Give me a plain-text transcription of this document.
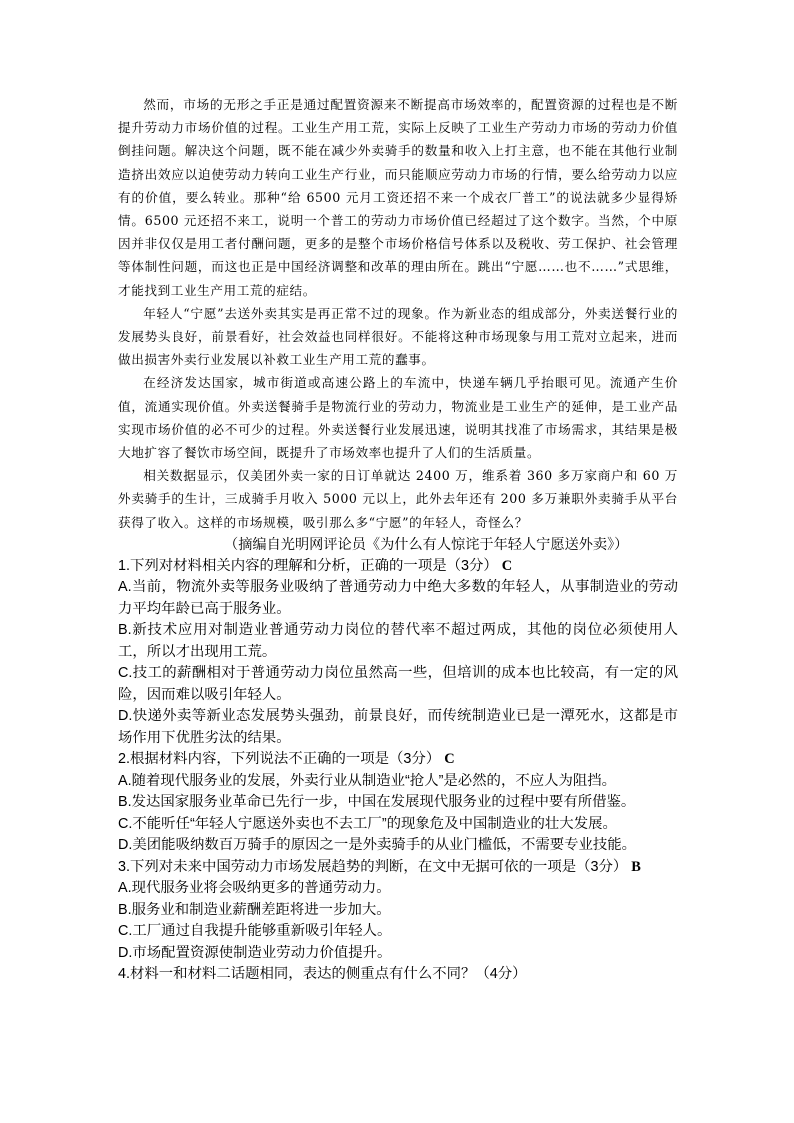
然而，市场的无形之手正是通过配置资源来不断提高市场效率的，配置资源的过程也是不断提升劳动力市场价值的过程。工业生产用工荒，实际上反映了工业生产劳动力市场的劳动力价值倒挂问题。解决这个问题，既不能在减少外卖骑手的数量和收入上打主意，也不能在其他行业制造挤出效应以迫使劳动力转向工业生产行业，而只能顺应劳动力市场的行情，要么给劳动力以应有的价值，要么转业。那种“给 6500 元月工资还招不来一个成衣厂普工”的说法就多少显得矫情。6500 元还招不来工，说明一个普工的劳动力市场价值已经超过了这个数字。当然，个中原因并非仅仅是用工者付酬问题，更多的是整个市场价格信号体系以及税收、劳工保护、社会管理等体制性问题，而这也正是中国经济调整和改革的理由所在。跳出“宁愿……也不……”式思维，才能找到工业生产用工荒的症结。

年轻人“宁愿”去送外卖其实是再正常不过的现象。作为新业态的组成部分，外卖送餐行业的发展势头良好，前景看好，社会效益也同样很好。不能将这种市场现象与用工荒对立起来，进而做出损害外卖行业发展以补救工业生产用工荒的蠢事。

在经济发达国家，城市街道或高速公路上的车流中，快递车辆几乎抬眼可见。流通产生价值，流通实现价值。外卖送餐骑手是物流行业的劳动力，物流业是工业生产的延伸，是工业产品实现市场价值的必不可少的过程。外卖送餐行业发展迅速，说明其找准了市场需求，其结果是极大地扩容了餐饮市场空间，既提升了市场效率也提升了人们的生活质量。

相关数据显示，仅美团外卖一家的日订单就达 2400 万，维系着 360 多万家商户和 60 万外卖骑手的生计，三成骑手月收入 5000 元以上，此外去年还有 200 多万兼职外卖骑手从平台获得了收入。这样的市场规模，吸引那么多“宁愿”的年轻人，奇怪么？

（摘编自光明网评论员《为什么有人惊诧于年轻人宁愿送外卖》）

1.下列对材料相关内容的理解和分析，正确的一项是（3分） C

A.当前，物流外卖等服务业吸纳了普通劳动力中绝大多数的年轻人，从事制造业的劳动力平均年龄已高于服务业。

B.新技术应用对制造业普通劳动力岗位的替代率不超过两成，其他的岗位必须使用人工，所以才出现用工荒。

C.技工的薪酬相对于普通劳动力岗位虽然高一些，但培训的成本也比较高，有一定的风险，因而难以吸引年轻人。

D.快递外卖等新业态发展势头强劲，前景良好，而传统制造业已是一潭死水，这都是市场作用下优胜劣汰的结果。

2.根据材料内容，下列说法不正确的一项是（3分） C

A.随着现代服务业的发展，外卖行业从制造业“抢人”是必然的，不应人为阻挡。

B.发达国家服务业革命已先行一步，中国在发展现代服务业的过程中要有所借鉴。

C.不能听任“年轻人宁愿送外卖也不去工厂”的现象危及中国制造业的壮大发展。

D.美团能吸纳数百万骑手的原因之一是外卖骑手的从业门槛低，不需要专业技能。

3.下列对未来中国劳动力市场发展趋势的判断，在文中无据可依的一项是（3分） B

A.现代服务业将会吸纳更多的普通劳动力。

B.服务业和制造业薪酬差距将进一步加大。

C.工厂通过自我提升能够重新吸引年轻人。

D.市场配置资源使制造业劳动力价值提升。

4.材料一和材料二话题相同，表达的侧重点有什么不同？（4分）
